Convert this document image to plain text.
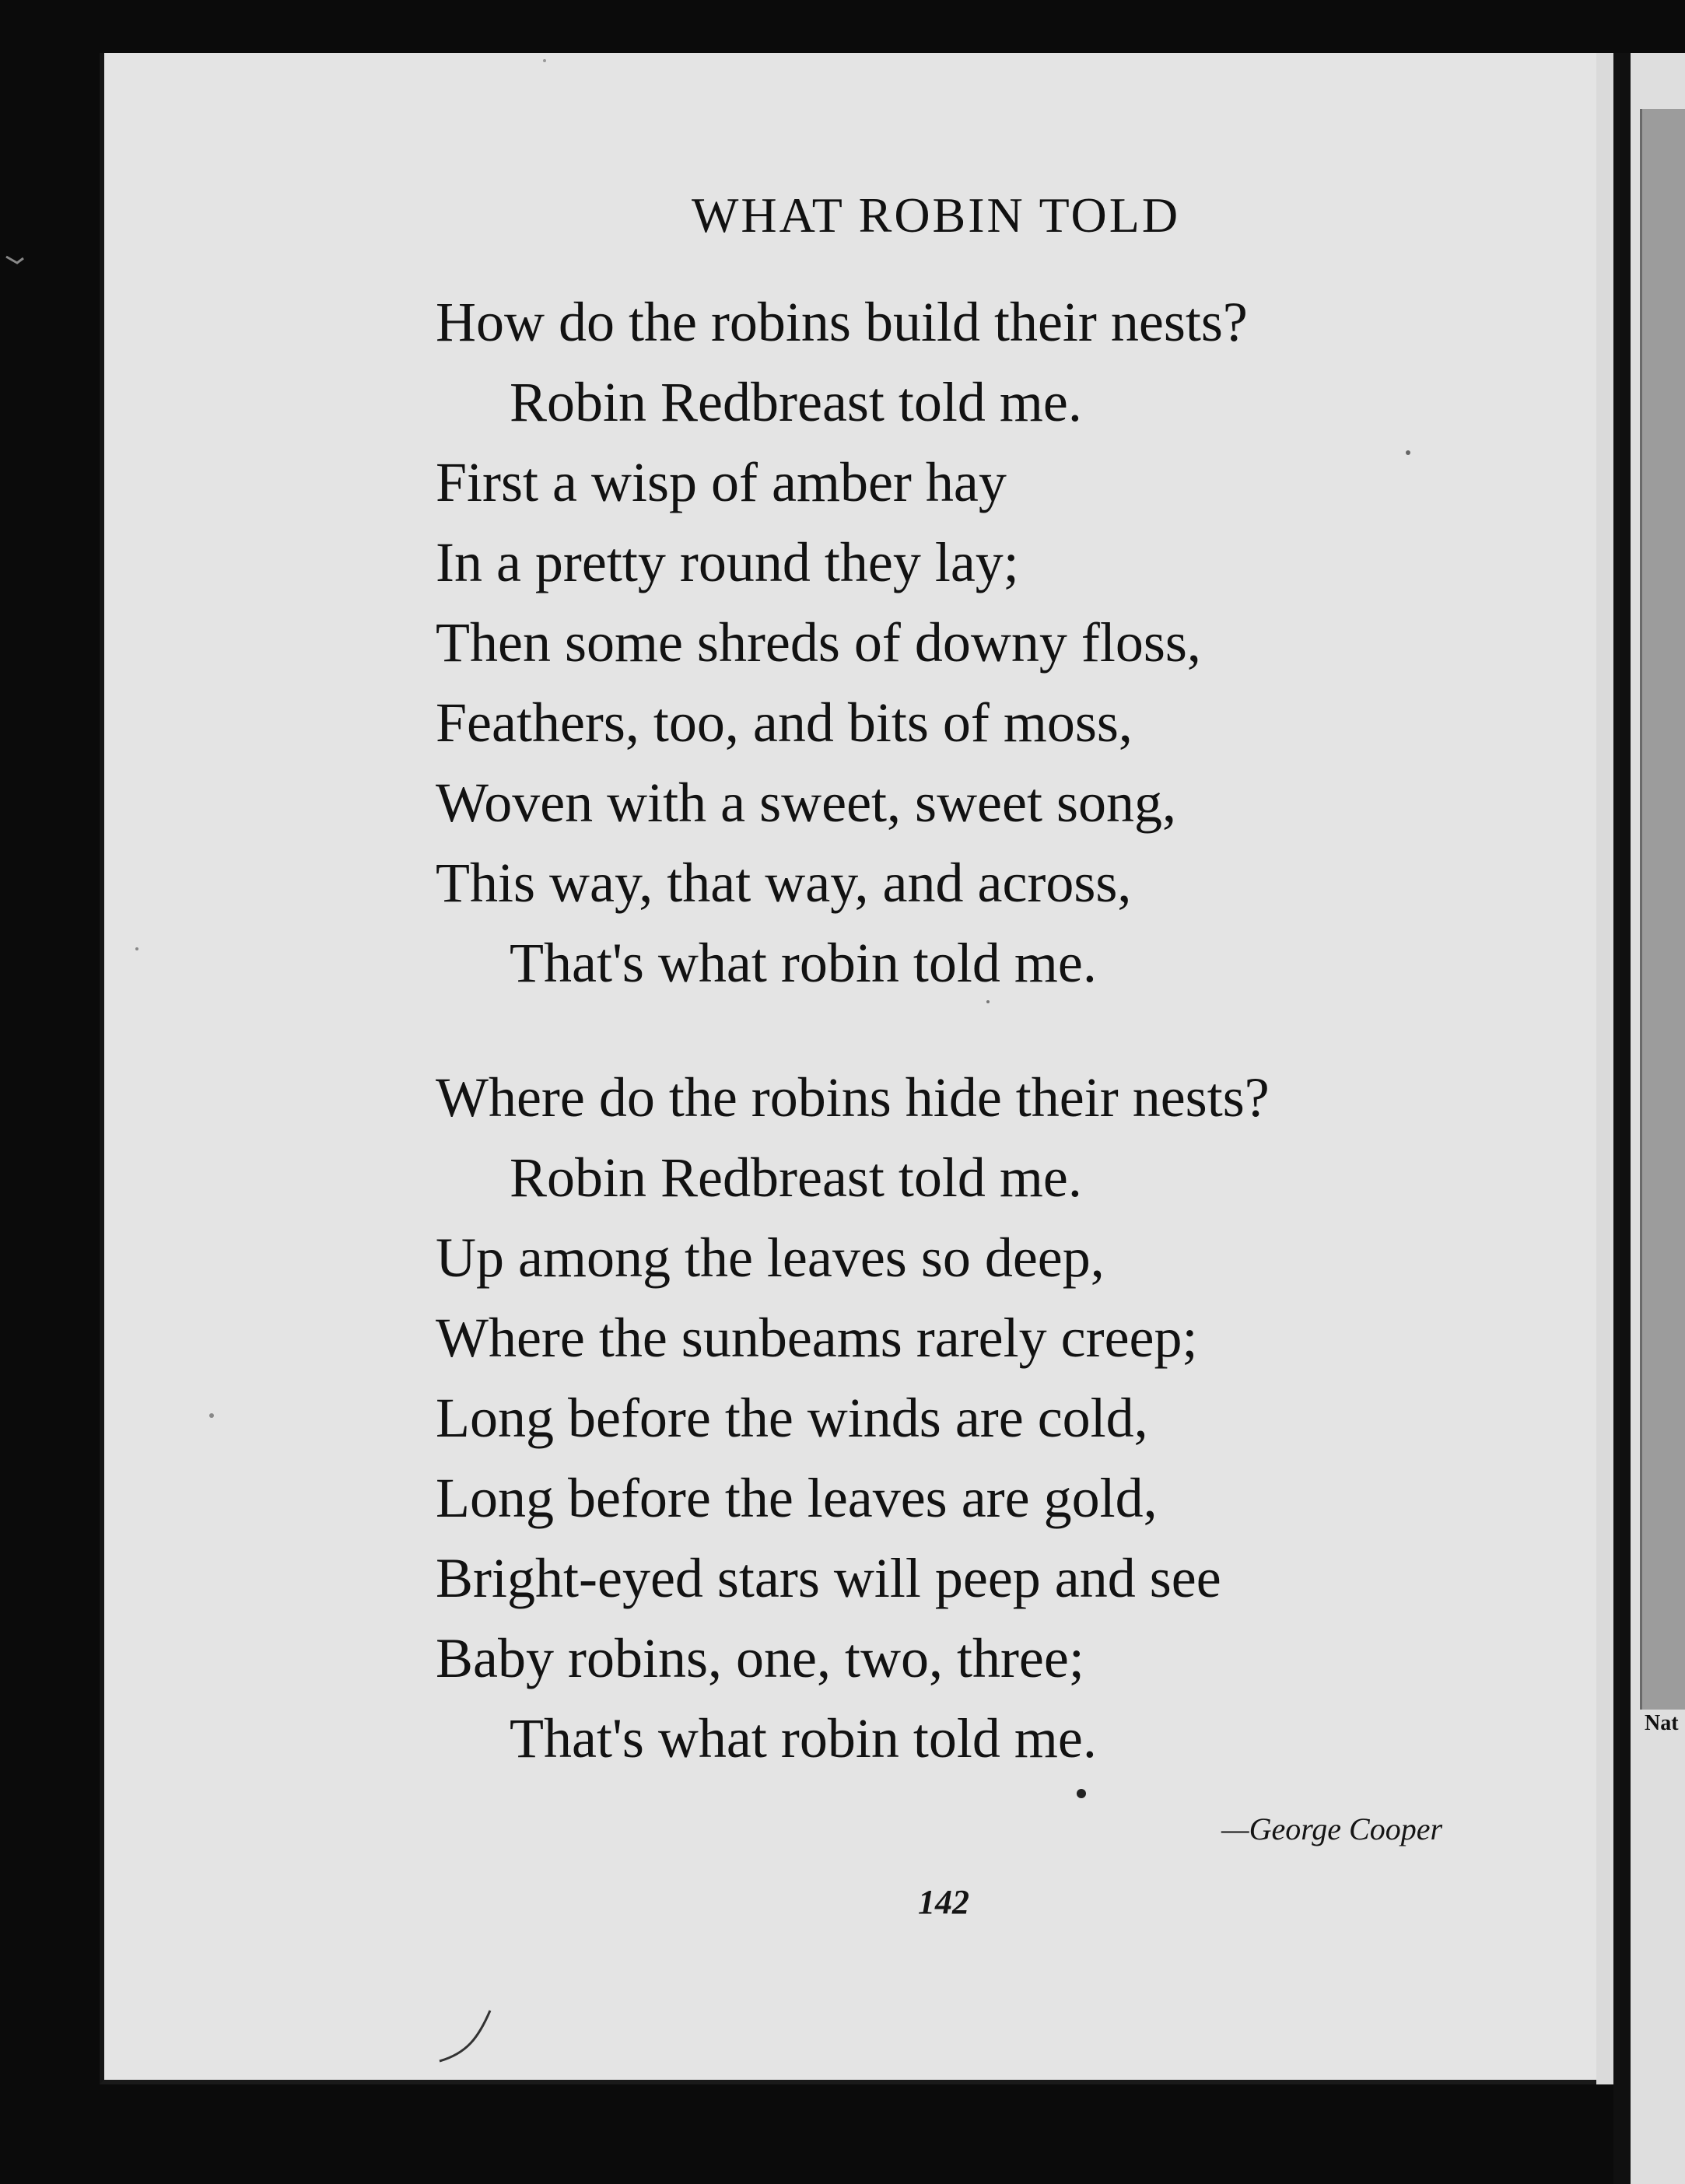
Nat
WHAT ROBIN TOLD
How do the robins build their nests?
Robin Redbreast told me.
First a wisp of amber hay
In a pretty round they lay;
Then some shreds of downy floss,
Feathers, too, and bits of moss,
Woven with a sweet, sweet song,
This way, that way, and across,
That's what robin told me.
Where do the robins hide their nests?
Robin Redbreast told me.
Up among the leaves so deep,
Where the sunbeams rarely creep;
Long before the winds are cold,
Long before the leaves are gold,
Bright-eyed stars will peep and see
Baby robins, one, two, three;
That's what robin told me.
—George Cooper
142
